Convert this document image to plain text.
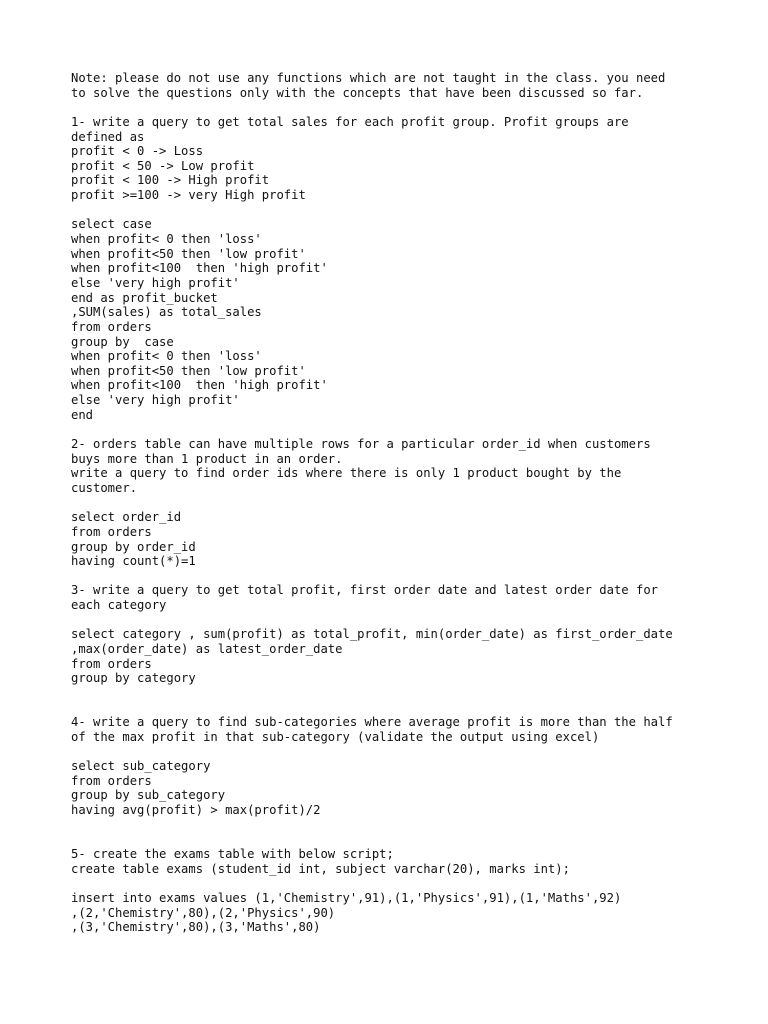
Note: please do not use any functions which are not taught in the class. you need
to solve the questions only with the concepts that have been discussed so far.
1- write a query to get total sales for each profit group. Profit groups are
defined as
profit < 0 -> Loss
profit < 50 -> Low profit
profit < 100 -> High profit
profit >=100 -> very High profit
select case
when profit< 0 then 'loss'
when profit<50 then 'low profit'
when profit<100  then 'high profit'
else 'very high profit'
end as profit_bucket
,SUM(sales) as total_sales
from orders
group by  case
when profit< 0 then 'loss'
when profit<50 then 'low profit'
when profit<100  then 'high profit'
else 'very high profit'
end
2- orders table can have multiple rows for a particular order_id when customers
buys more than 1 product in an order.
write a query to find order ids where there is only 1 product bought by the
customer.
select order_id
from orders
group by order_id
having count(*)=1
3- write a query to get total profit, first order date and latest order date for
each category
select category , sum(profit) as total_profit, min(order_date) as first_order_date
,max(order_date) as latest_order_date
from orders
group by category
4- write a query to find sub-categories where average profit is more than the half
of the max profit in that sub-category (validate the output using excel)
select sub_category
from orders
group by sub_category
having avg(profit) > max(profit)/2
5- create the exams table with below script;
create table exams (student_id int, subject varchar(20), marks int);
insert into exams values (1,'Chemistry',91),(1,'Physics',91),(1,'Maths',92)
,(2,'Chemistry',80),(2,'Physics',90)
,(3,'Chemistry',80),(3,'Maths',80)
